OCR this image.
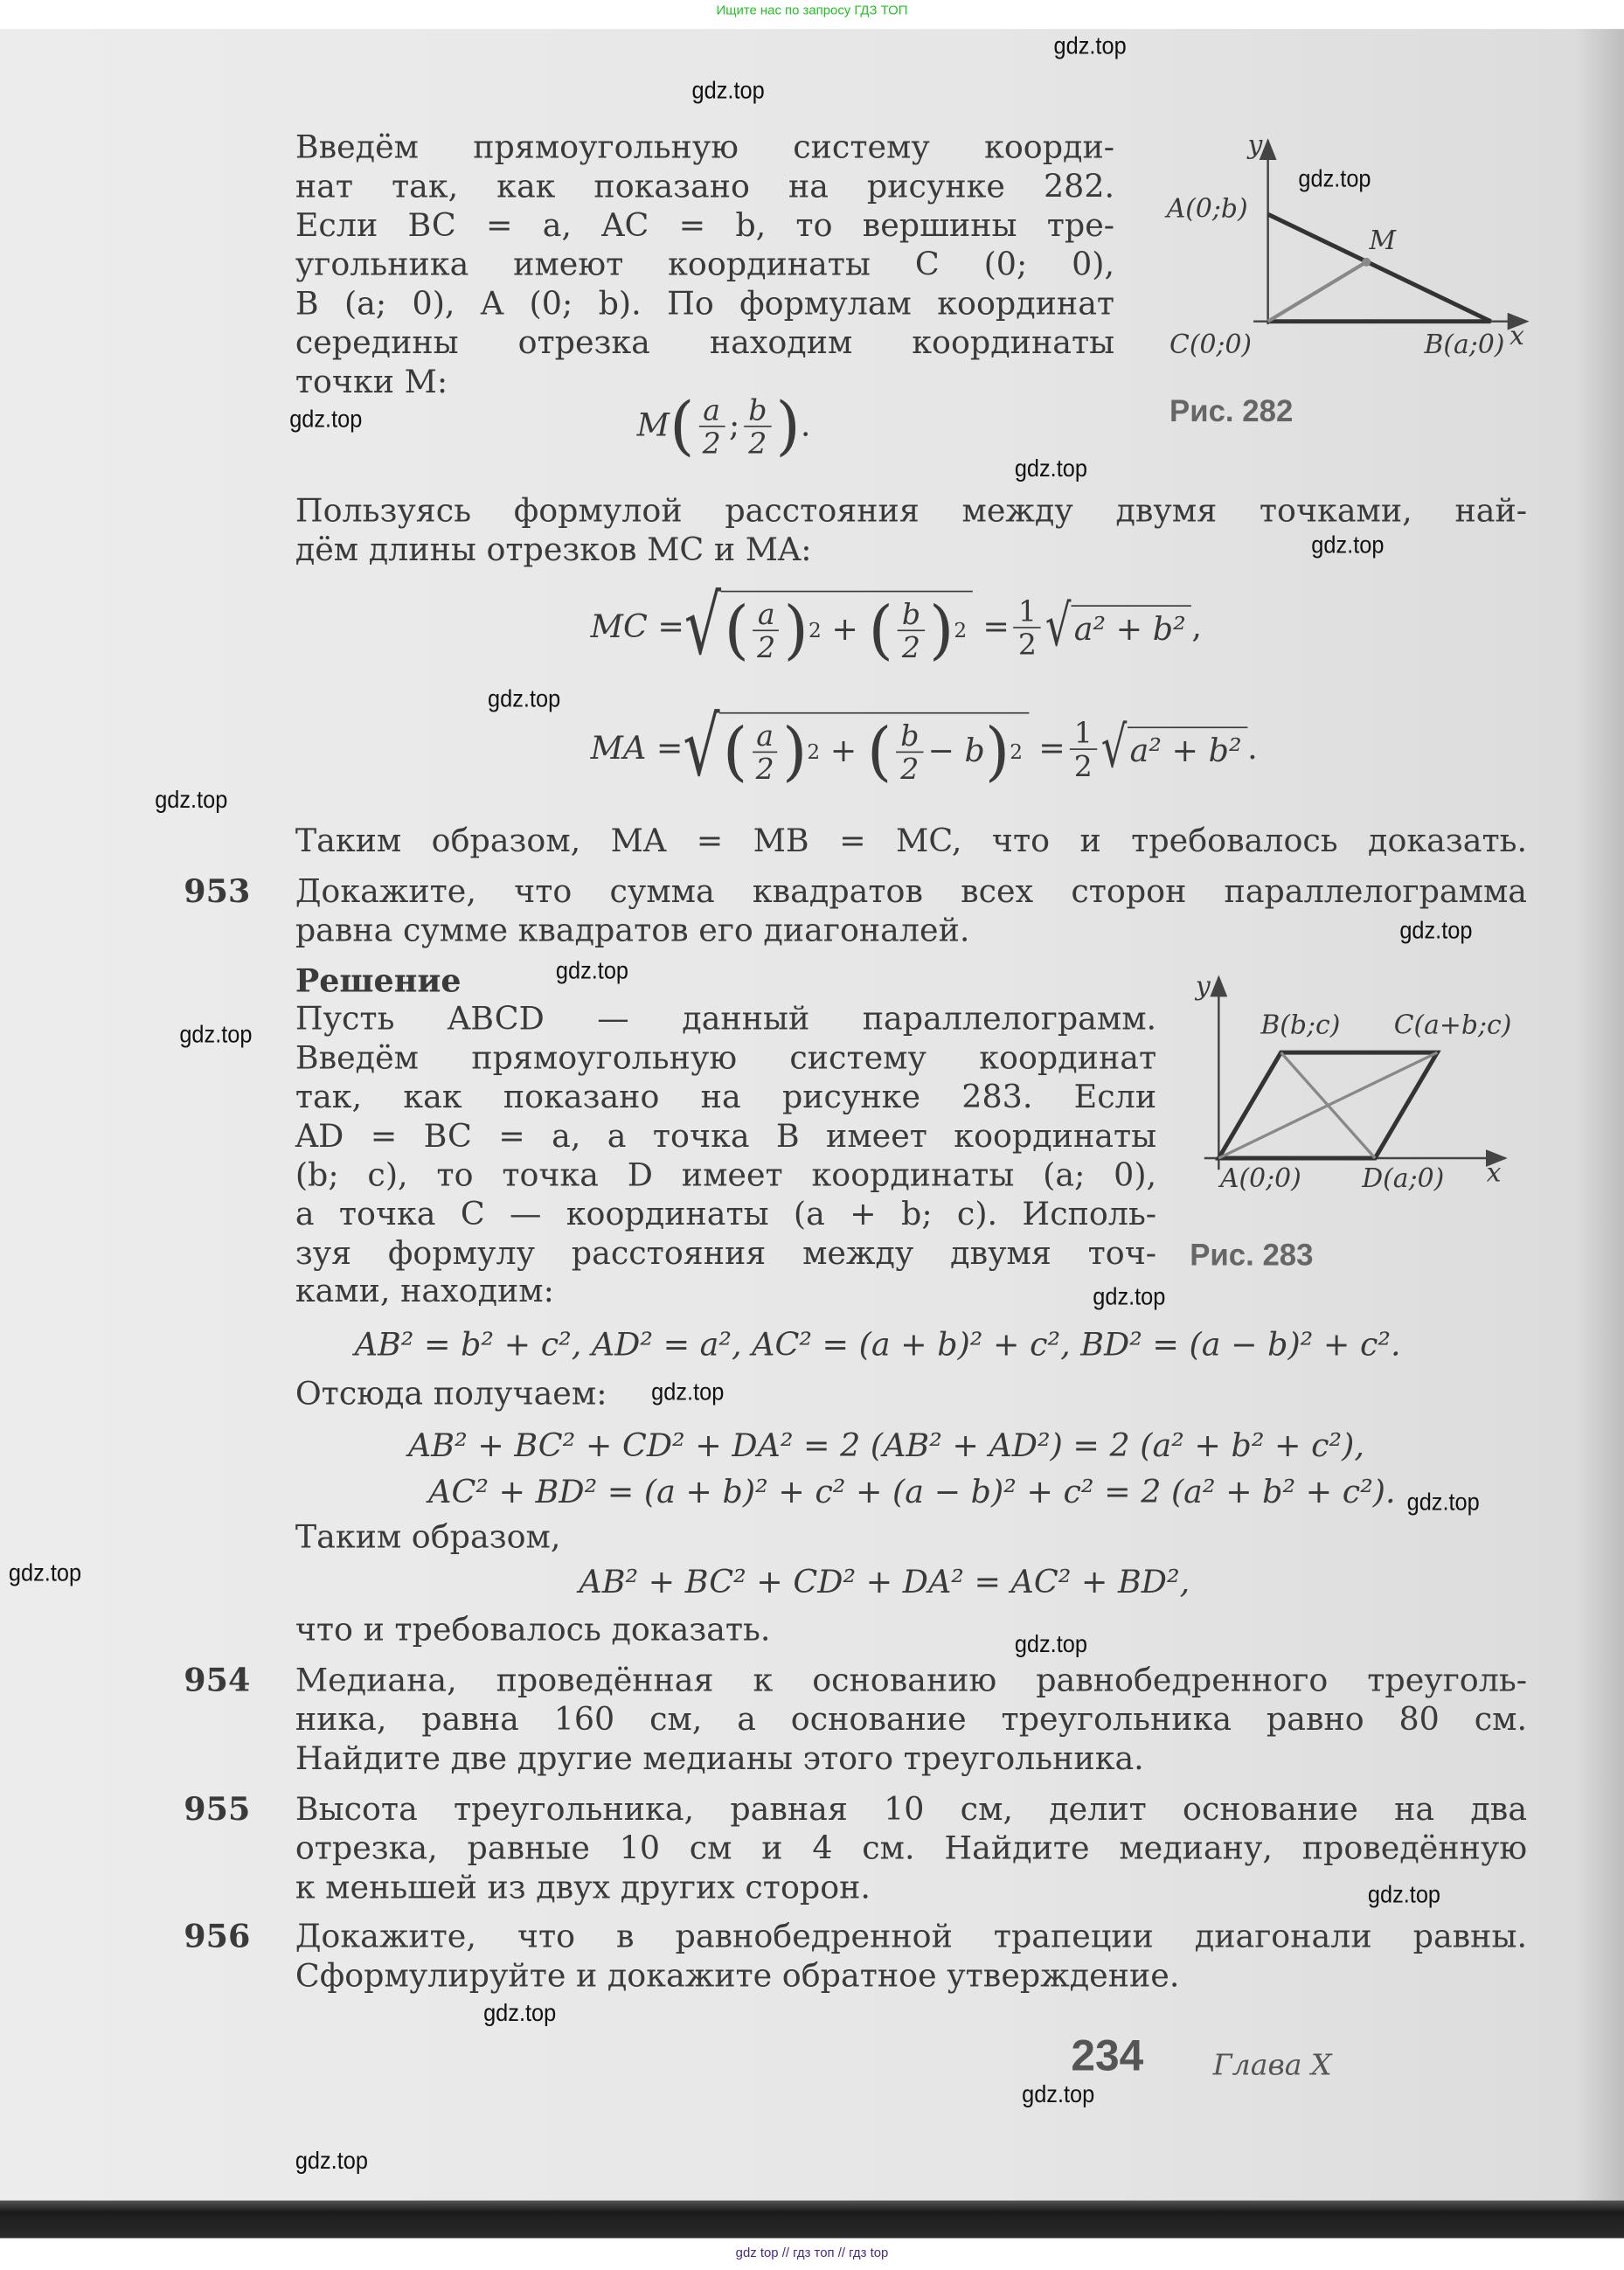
Ищите нас по запросу ГДЗ ТОП
gdz top // гдз топ // гдз top
Введём прямоугольную систему коорди-
нат так, как показано на рисунке 282.
Если BC = a, AC = b, то вершины тре-
угольника имеют координаты C (0; 0),
B (a; 0), A (0; b). По формулам координат
середины отрезка находим координаты
точки M:
M ( $\frac{a}{2}$ ; $\frac{b}{2}$ ) .
Пользуясь формулой расстояния между двумя точками, най-
дём длины отрезков MC и MA:
MC = √ ( $\frac{a}{2}$ ) 2 + ( $\frac{b}{2}$ ) 2
= $\frac{1}{2}$ √ a² + b² ,
MA = √ ( $\frac{a}{2}$ ) 2 + ( $\frac{b}{2} - b$ ) 2
= $\frac{1}{2}$ √ a² + b² .
Таким образом, MA = MB = MC, что и требовалось доказать.
953 Докажите, что сумма квадратов всех сторон параллелограмма
равна сумме квадратов его диагоналей.
Решение
Пусть ABCD — данный параллелограмм.
Введём прямоугольную систему координат
так, как показано на рисунке 283. Если
AD = BC = a, а точка B имеет координаты
(b; c), то точка D имеет координаты (a; 0),
а точка C — координаты (a + b; c). Исполь-
зуя формулу расстояния между двумя точ-
ками, находим:
AB² = b² + c², AD² = a², AC² = (a + b)² + c², BD² = (a − b)² + c².
Отсюда получаем:
AB² + BC² + CD² + DA² = 2 (AB² + AD²) = 2 (a² + b² + c²),
AC² + BD² = (a + b)² + c² + (a − b)² + c² = 2 (a² + b² + c²).
Таким образом,
AB² + BC² + CD² + DA² = AC² + BD²,
что и требовалось доказать.
954 Медиана, проведённая к основанию равнобедренного треуголь-
ника, равна 160 см, а основание треугольника равно 80 см.
Найдите две другие медианы этого треугольника.
955 Высота треугольника, равная 10 см, делит основание на два
отрезка, равные 10 см и 4 см. Найдите медиану, проведённую
к меньшей из двух других сторон.
956 Докажите, что в равнобедренной трапеции диагонали равны.
Сформулируйте и докажите обратное утверждение.
234	Глава X
y
A(0;b)
M
C(0;0)	B(a;0) x
Рис. 282
y
B(b;c)	C(a+b;c)
A(0;0)	D(a;0)	x
Рис. 283
gdz.top
gdz.top
gdz.top
gdz.top
gdz.top
gdz.top
gdz.top
gdz.top
gdz.top
gdz.top
gdz.top
gdz.top
gdz.top
gdz.top
gdz.top
gdz.top
gdz.top
gdz.top
gdz.top
gdz.top
